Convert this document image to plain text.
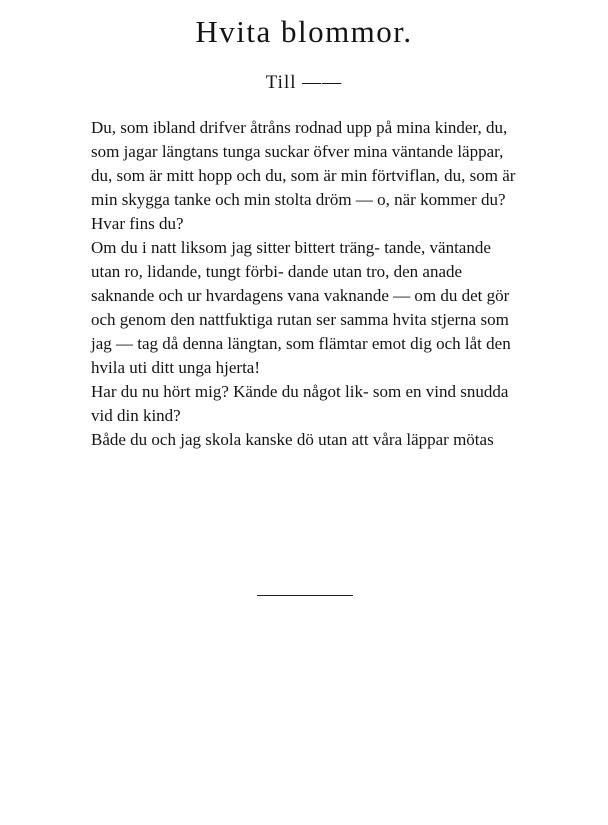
Hvita blommor.
Till ——

Du, som ibland drifver åtråns rodnad upp på mina kinder, du, som jagar längtans tunga suckar öfver mina väntande läppar, du, som är mitt hopp och du, som är min förtviflan, du, som är min skygga tanke och min stolta dröm — o, när kommer du? Hvar fins du?

Om du i natt liksom jag sitter bittert träng- tande, väntande utan ro, lidande, tungt förbi- dande utan tro, den anade saknande och ur hvardagens vana vaknande — om du det gör och genom den nattfuktiga rutan ser samma hvita stjerna som jag — tag då denna längtan, som flämtar emot dig och låt den hvila uti ditt unga hjerta!

Har du nu hört mig? Kände du något lik- som en vind snudda vid din kind?

Både du och jag skola kanske dö utan att våra läppar mötas
